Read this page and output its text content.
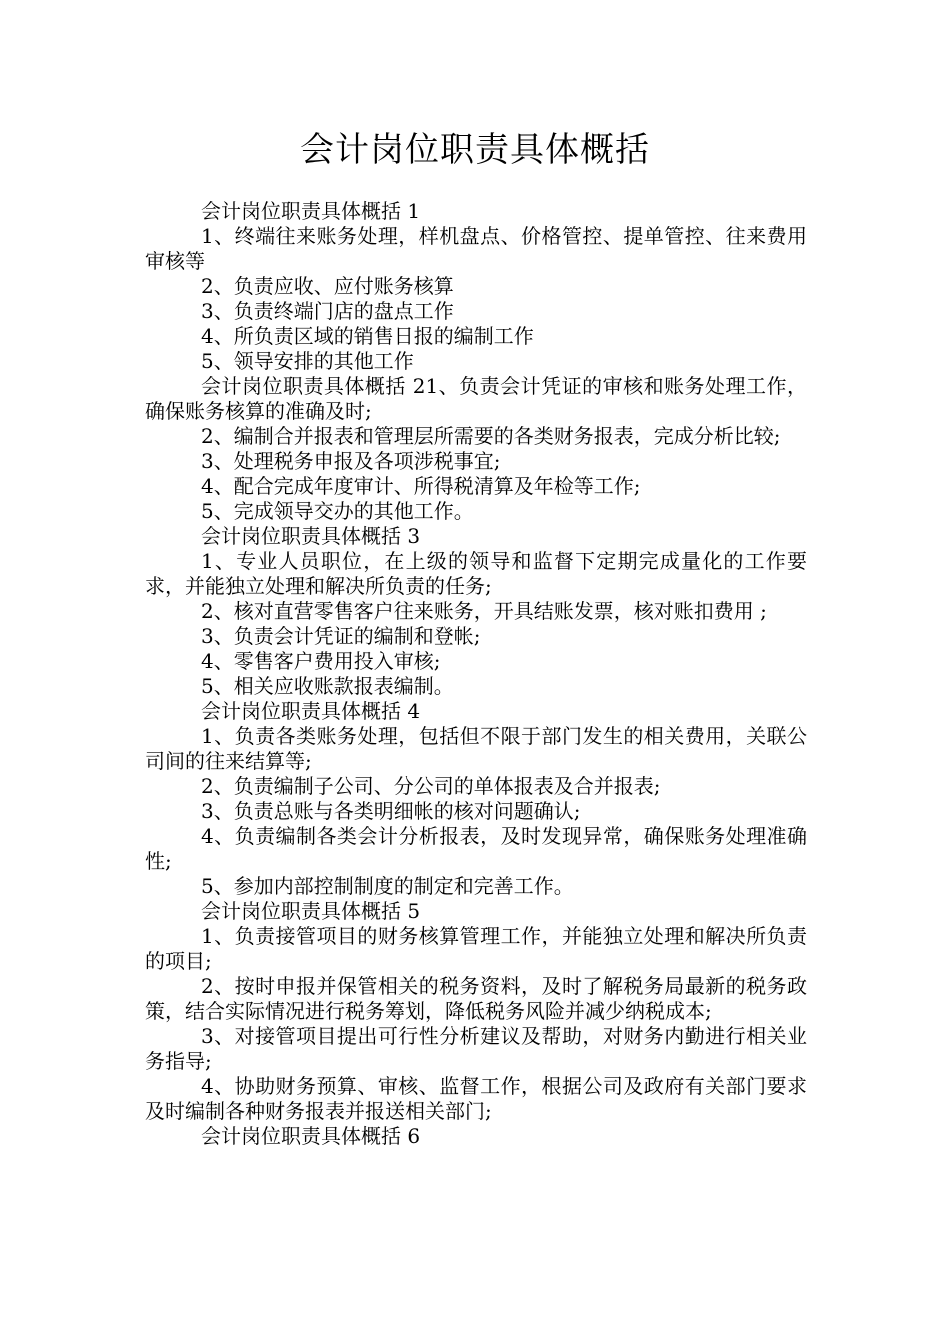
会计岗位职责具体概括

会计岗位职责具体概括 1

1、终端往来账务处理，样机盘点、价格管控、提单管控、往来费用审核等

2、负责应收、应付账务核算

3、负责终端门店的盘点工作

4、所负责区域的销售日报的编制工作

5、领导安排的其他工作

会计岗位职责具体概括 21、负责会计凭证的审核和账务处理工作，确保账务核算的准确及时;

2、编制合并报表和管理层所需要的各类财务报表，完成分析比较;

3、处理税务申报及各项涉税事宜;

4、配合完成年度审计、所得税清算及年检等工作;

5、完成领导交办的其他工作。

会计岗位职责具体概括 3

1、专业人员职位，在上级的领导和监督下定期完成量化的工作要求，并能独立处理和解决所负责的任务;

2、核对直营零售客户往来账务，开具结账发票，核对账扣费用 ;

3、负责会计凭证的编制和登帐;

4、零售客户费用投入审核;

5、相关应收账款报表编制。

会计岗位职责具体概括 4

1、负责各类账务处理，包括但不限于部门发生的相关费用，关联公司间的往来结算等;

2、负责编制子公司、分公司的单体报表及合并报表;

3、负责总账与各类明细帐的核对问题确认;

4、负责编制各类会计分析报表，及时发现异常，确保账务处理准确性;

5、参加内部控制制度的制定和完善工作。

会计岗位职责具体概括 5

1、负责接管项目的财务核算管理工作，并能独立处理和解决所负责的项目;

2、按时申报并保管相关的税务资料，及时了解税务局最新的税务政策，结合实际情况进行税务筹划，降低税务风险并减少纳税成本;

3、对接管项目提出可行性分析建议及帮助，对财务内勤进行相关业务指导;

4、协助财务预算、审核、监督工作，根据公司及政府有关部门要求及时编制各种财务报表并报送相关部门;

会计岗位职责具体概括 6
